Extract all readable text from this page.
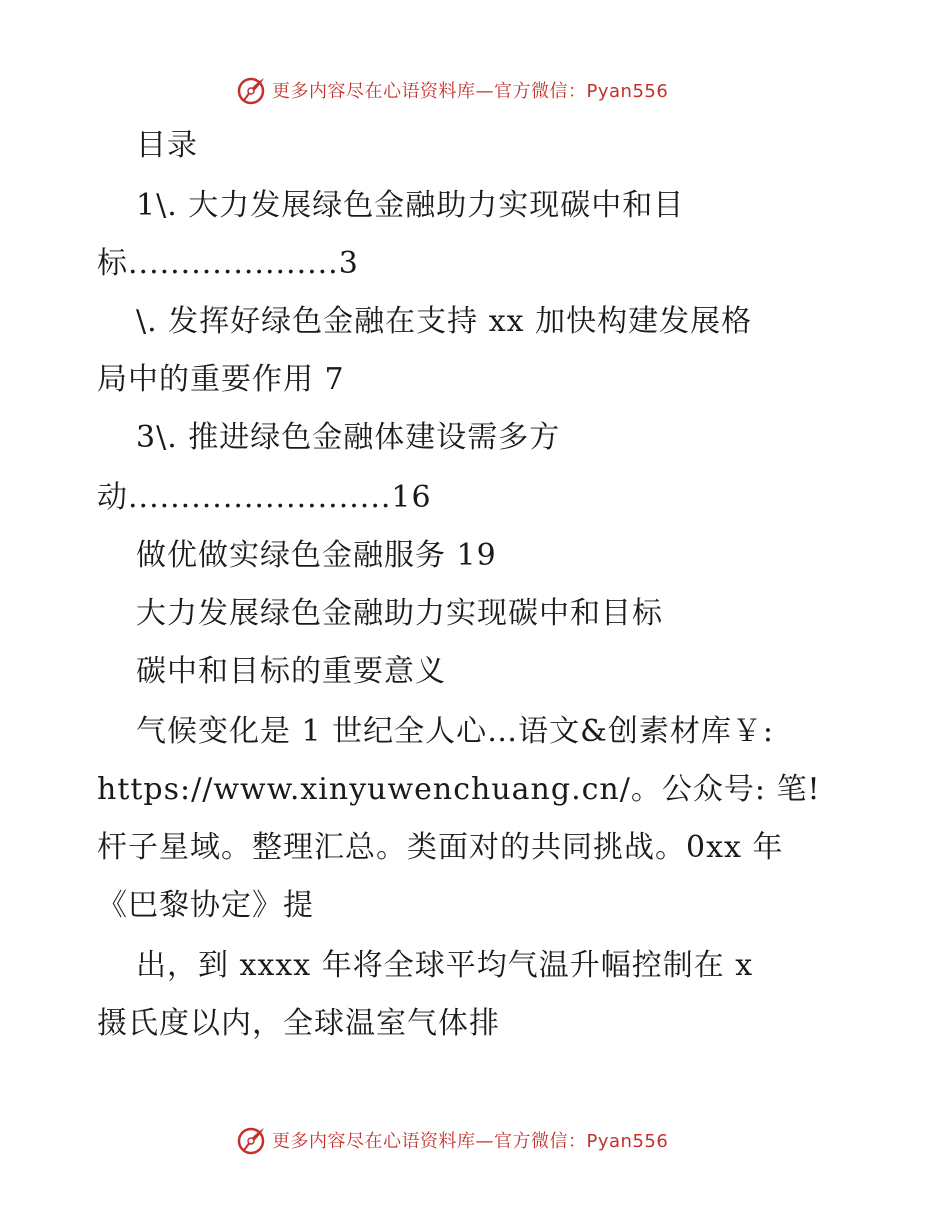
更多内容尽在心语资料库—官方微信：Pyan556
目录
1\. 大力发展绿色金融助力实现碳中和目
标....................3
\. 发挥好绿色金融在支持 xx 加快构建发展格
局中的重要作用 7
3\. 推进绿色金融体建设需多方
动.........................16
做优做实绿色金融服务 19
大力发展绿色金融助力实现碳中和目标
碳中和目标的重要意义
气候变化是 1 世纪全人心…语文&创素材库￥:
https://www.xinyuwenchuang.cn/。公众号: 笔!
杆子星域。整理汇总。类面对的共同挑战。0xx 年
《巴黎协定》提
出，到 xxxx 年将全球平均气温升幅控制在 x
摄氏度以内，全球温室气体排
更多内容尽在心语资料库—官方微信：Pyan556
